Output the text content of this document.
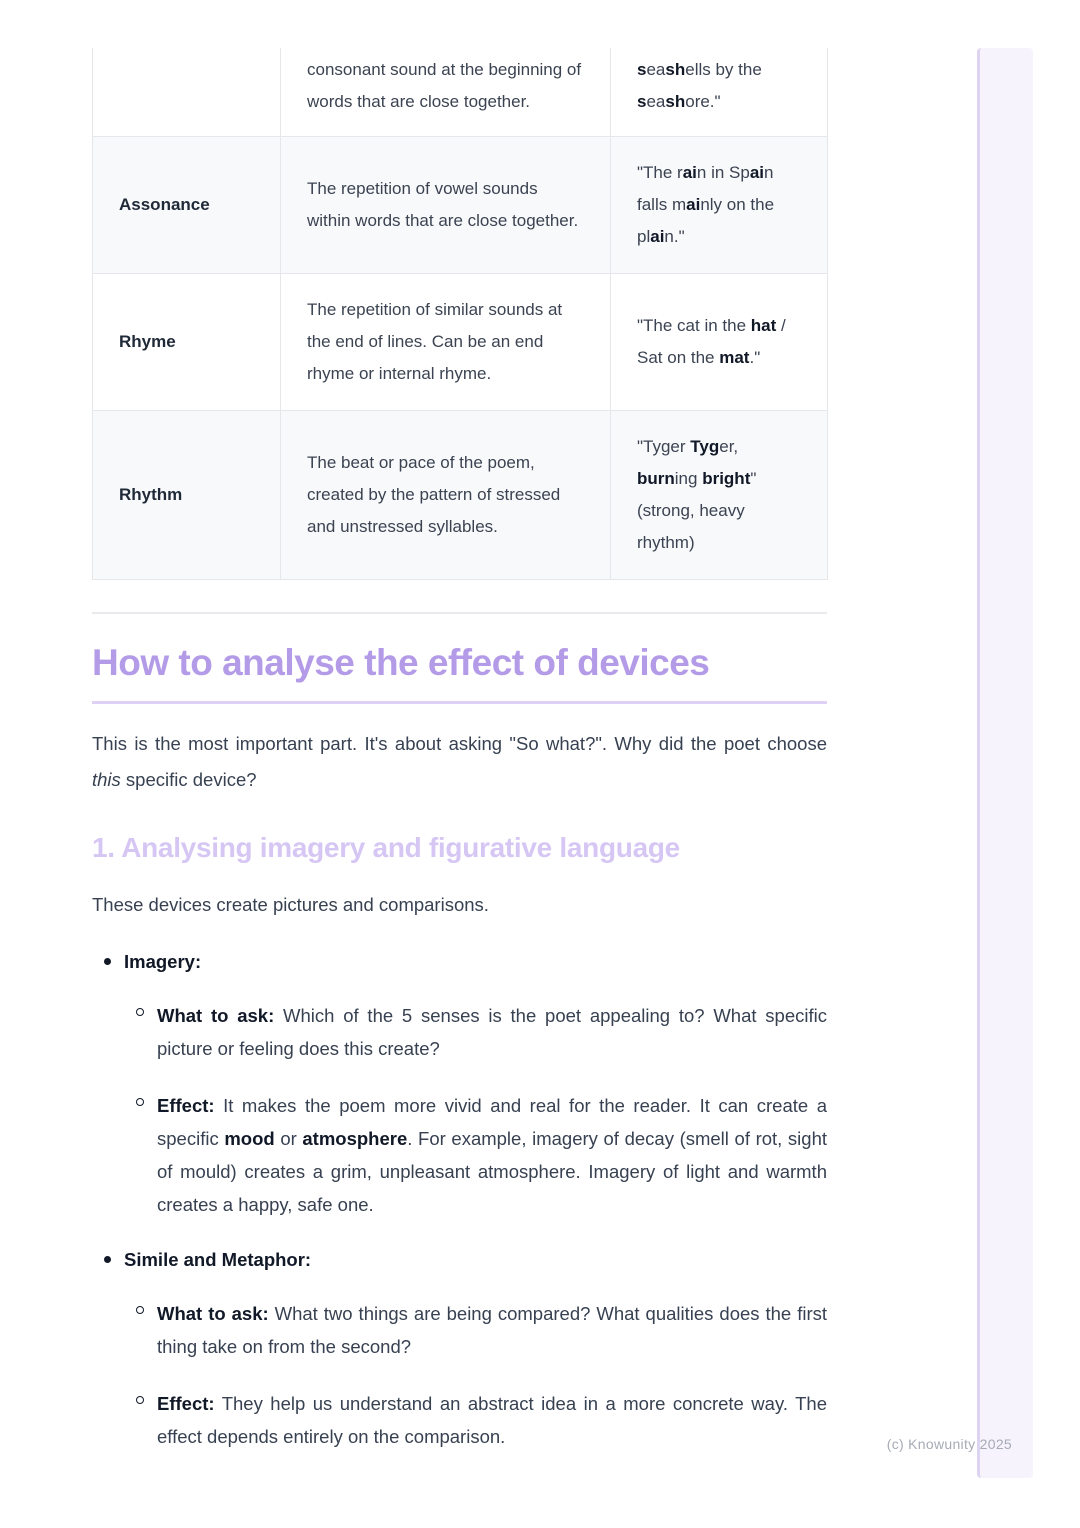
	consonant sound at the beginning of words that are close together.	seashells by the seashore."
Assonance	The repetition of vowel sounds within words that are close together.	"The rain in Spain falls mainly on the plain."
Rhyme	The repetition of similar sounds at the end of lines. Can be an end rhyme or internal rhyme.	"The cat in the hat / Sat on the mat."
Rhythm	The beat or pace of the poem, created by the pattern of stressed and unstressed syllables.	"Tyger Tyger, burning bright" (strong, heavy rhythm)
How to analyse the effect of devices

This is the most important part. It's about asking "So what?". Why did the poet choose this specific device?

1. Analysing imagery and figurative language

These devices create pictures and comparisons.

Imagery:
What to ask: Which of the 5 senses is the poet appealing to? What specific picture or feeling does this create?
Effect: It makes the poem more vivid and real for the reader. It can create a specific mood or atmosphere. For example, imagery of decay (smell of rot, sight of mould) creates a grim, unpleasant atmosphere. Imagery of light and warmth creates a happy, safe one.
Simile and Metaphor:
What to ask: What two things are being compared? What qualities does the first thing take on from the second?
Effect: They help us understand an abstract idea in a more concrete way. The effect depends entirely on the comparison.	(c) Knowunity 2025
